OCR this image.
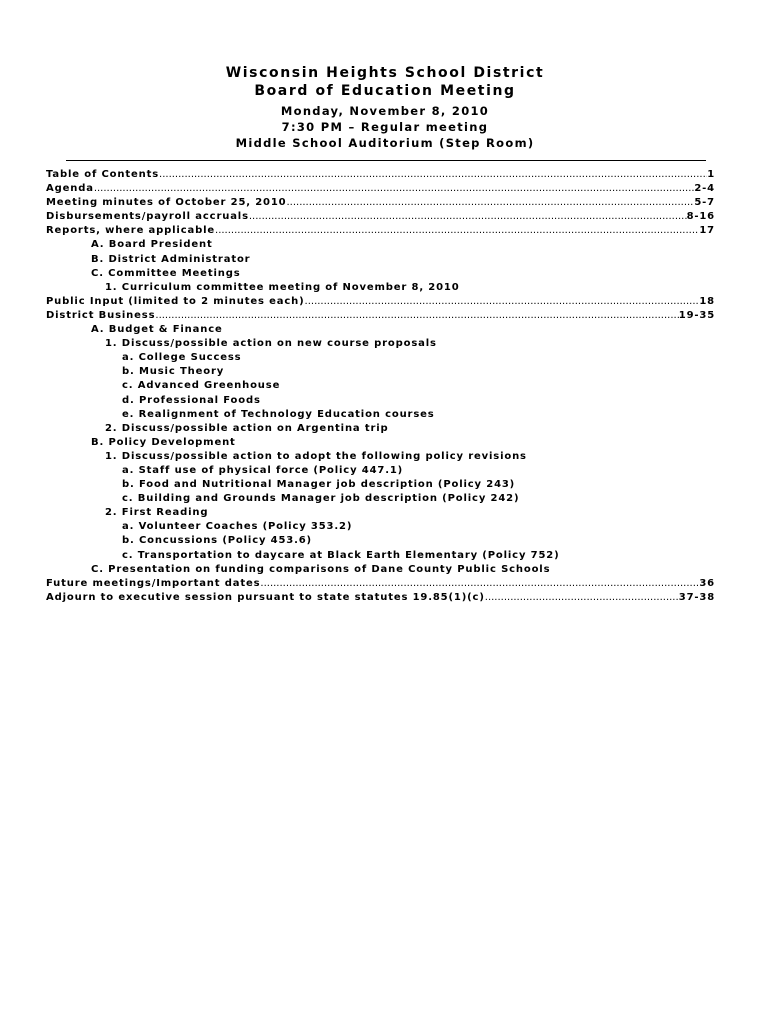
Wisconsin Heights School District
Board of Education Meeting
Monday, November 8, 2010
7:30 PM – Regular meeting
Middle School Auditorium (Step Room)
Table of Contents .....	1
Agenda .....	2-4
Meeting minutes of October 25, 2010 .....	5-7
Disbursements/payroll accruals .....	8-16
Reports, where applicable .....	17
A. Board President
B. District Administrator
C. Committee Meetings
1. Curriculum committee meeting of November 8, 2010
Public Input (limited to 2 minutes each) .....	18
District Business .....	19-35
A. Budget & Finance
1. Discuss/possible action on new course proposals
a. College Success
b. Music Theory
c. Advanced Greenhouse
d. Professional Foods
e. Realignment of Technology Education courses
2. Discuss/possible action on Argentina trip
B. Policy Development
1. Discuss/possible action to adopt the following policy revisions
a. Staff use of physical force (Policy 447.1)
b. Food and Nutritional Manager job description (Policy 243)
c. Building and Grounds Manager job description (Policy 242)
2. First Reading
a. Volunteer Coaches (Policy 353.2)
b. Concussions (Policy 453.6)
c. Transportation to daycare at Black Earth Elementary (Policy 752)
C. Presentation on funding comparisons of Dane County Public Schools
Future meetings/Important dates .....	36
Adjourn to executive session pursuant to state statutes 19.85(1)(c) .....	37-38
